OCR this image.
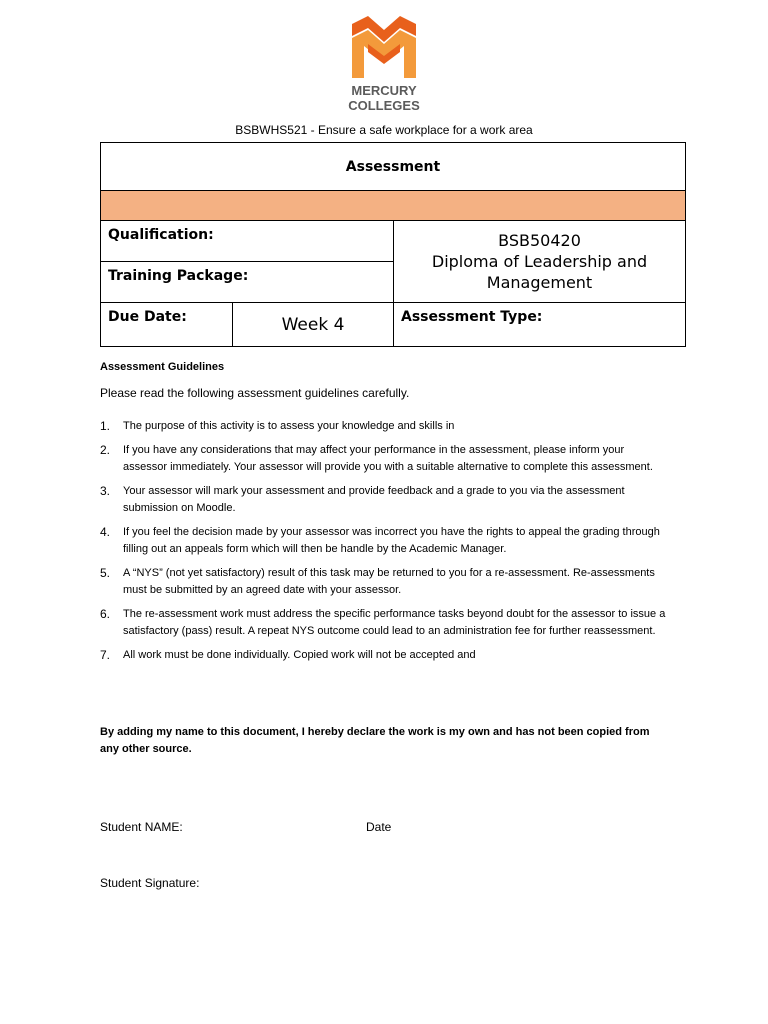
MERCURY
COLLEGES
BSBWHS521 - Ensure a safe workplace for a work area
Assessment		

Qualification:		BSB50420
Diploma of Leadership and Management

Training Package:		
Due Date:	Week 4	Assessment Type:
Assessment Guidelines
Please read the following assessment guidelines carefully.
1. The purpose of this activity is to assess your knowledge and skills in
2. If you have any considerations that may affect your performance in the assessment, please inform your assessor immediately. Your assessor will provide you with a suitable alternative to complete this assessment.
3. Your assessor will mark your assessment and provide feedback and a grade to you via the assessment submission on Moodle.
4. If you feel the decision made by your assessor was incorrect you have the rights to appeal the grading through filling out an appeals form which will then be handle by the Academic Manager.
5. A “NYS” (not yet satisfactory) result of this task may be returned to you for a re-assessment. Re-assessments must be submitted by an agreed date with your assessor.
6. The re-assessment work must address the specific performance tasks beyond doubt for the assessor to issue a satisfactory (pass) result. A repeat NYS outcome could lead to an administration fee for further reassessment.
7. All work must be done individually. Copied work will not be accepted and
By adding my name to this document, I hereby declare the work is my own and has not been copied from any other source.
Student NAME:	Date
Student Signature:
